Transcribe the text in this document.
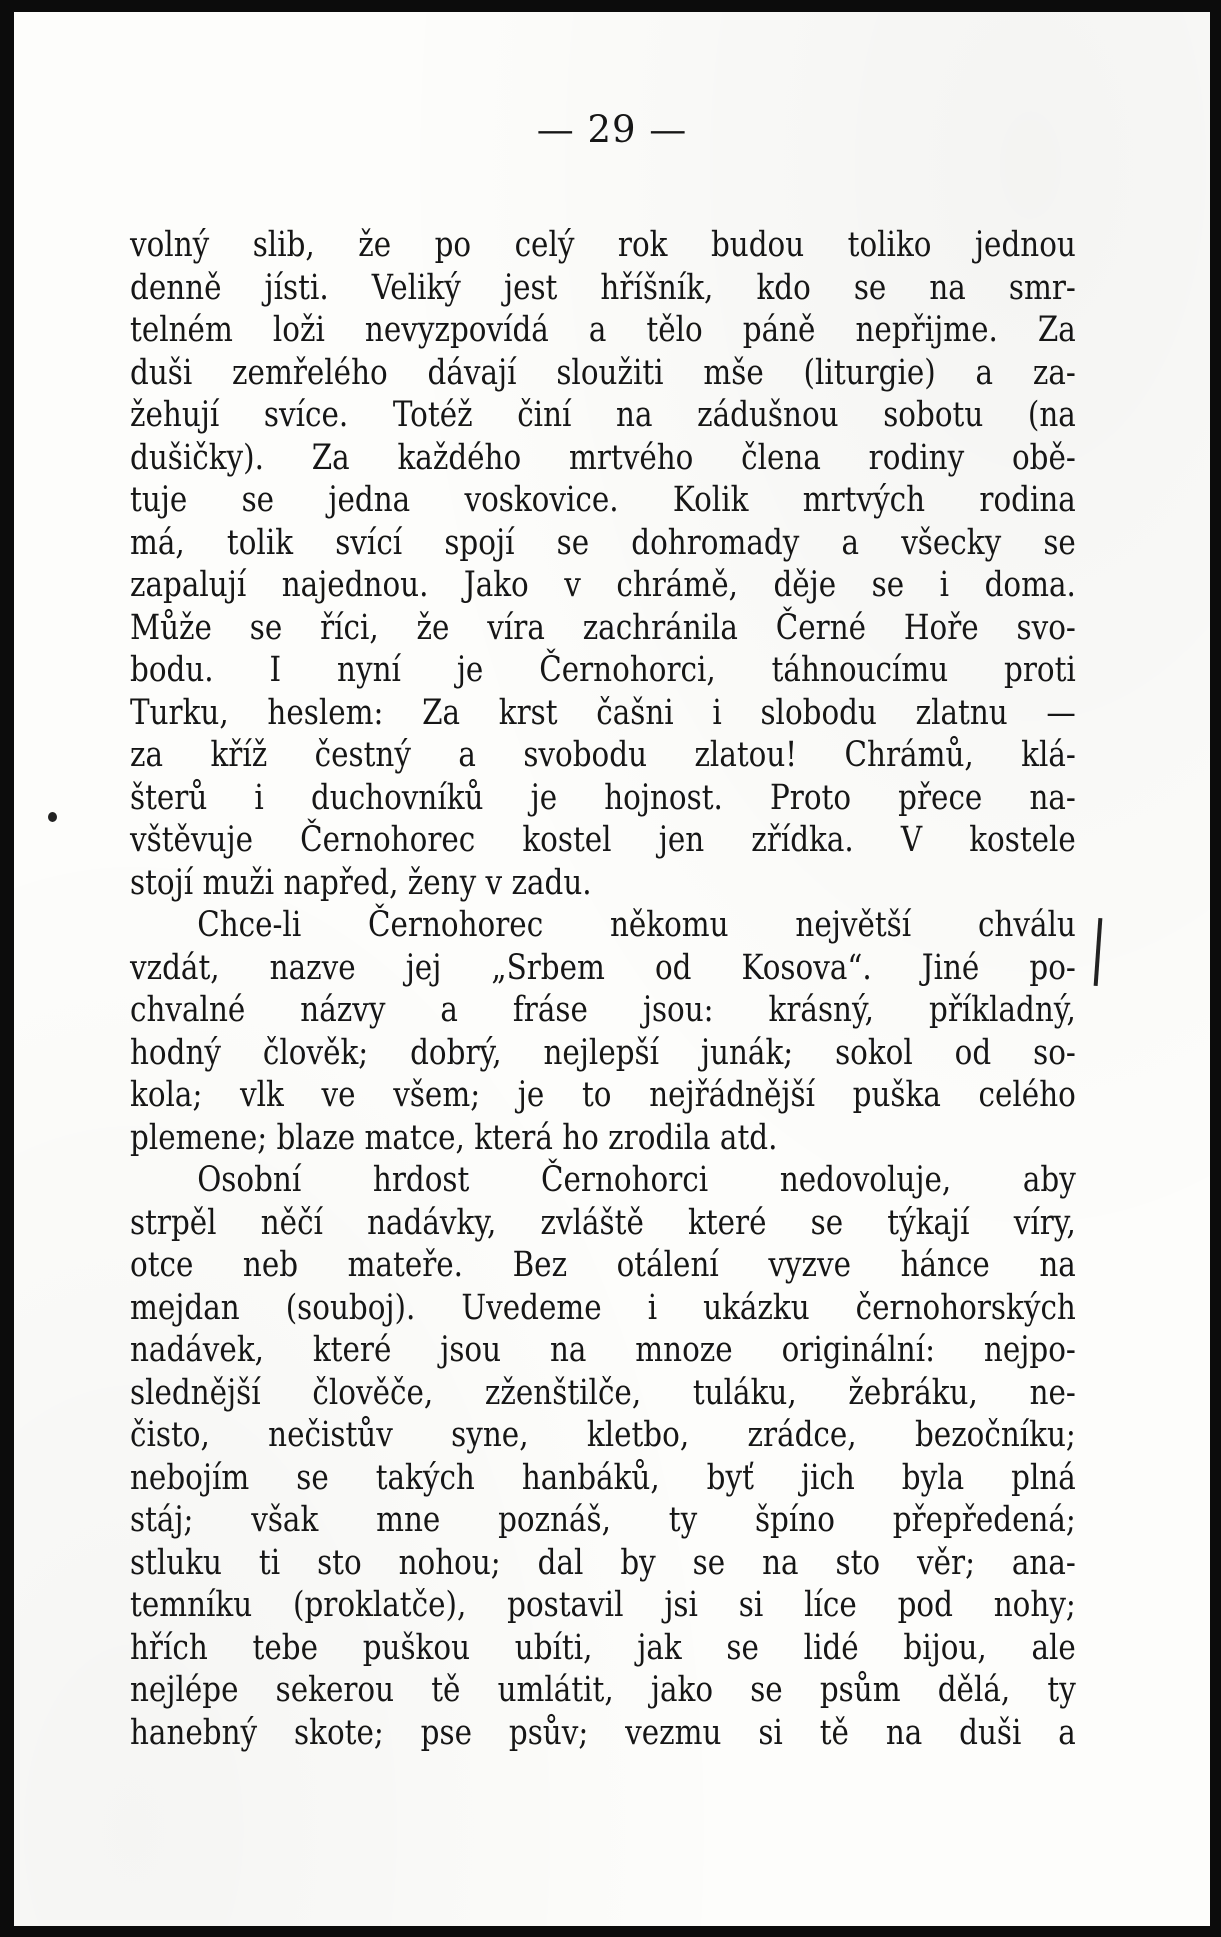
— 29 —
volný slib, že po celý rok budou toliko jednou
denně jísti. Veliký jest hříšník, kdo se na smr-
telném loži nevyzpovídá a tělo páně nepřijme. Za
duši zemřelého dávají sloužiti mše (liturgie) a za-
žehují svíce. Totéž činí na zádušnou sobotu (na
dušičky). Za každého mrtvého člena rodiny obě-
tuje se jedna voskovice. Kolik mrtvých rodina
má, tolik svící spojí se dohromady a všecky se
zapalují najednou. Jako v chrámě, děje se i doma.
Může se říci, že víra zachránila Černé Hoře svo-
bodu. I nyní je Černohorci, táhnoucímu proti
Turku, heslem: Za krst čašni i slobodu zlatnu —
za kříž čestný a svobodu zlatou! Chrámů, klá-
šterů i duchovníků je hojnost. Proto přece na-
vštěvuje Černohorec kostel jen zřídka. V kostele
stojí muži napřed, ženy v zadu.
Chce-li Černohorec někomu největší chválu
vzdát, nazve jej „Srbem od Kosova“. Jiné po-
chvalné názvy a fráse jsou: krásný, příkladný,
hodný člověk; dobrý, nejlepší junák; sokol od so-
kola; vlk ve všem; je to nejřádnější puška celého
plemene; blaze matce, která ho zrodila atd.
Osobní hrdost Černohorci nedovoluje, aby
strpěl něčí nadávky, zvláště které se týkají víry,
otce neb mateře. Bez otálení vyzve hánce na
mejdan (souboj). Uvedeme i ukázku černohorských
nadávek, které jsou na mnoze originální: nejpo-
slednější člověče, zženštilče, tuláku, žebráku, ne-
čisto, nečistův syne, kletbo, zrádce, bezočníku;
nebojím se takých hanbáků, byť jich byla plná
stáj; však mne poznáš, ty špíno přepředená;
stluku ti sto nohou; dal by se na sto věr; ana-
temníku (proklatče), postavil jsi si líce pod nohy;
hřích tebe puškou ubíti, jak se lidé bijou, ale
nejlépe sekerou tě umlátit, jako se psům dělá, ty
hanebný skote; pse psův; vezmu si tě na duši a
